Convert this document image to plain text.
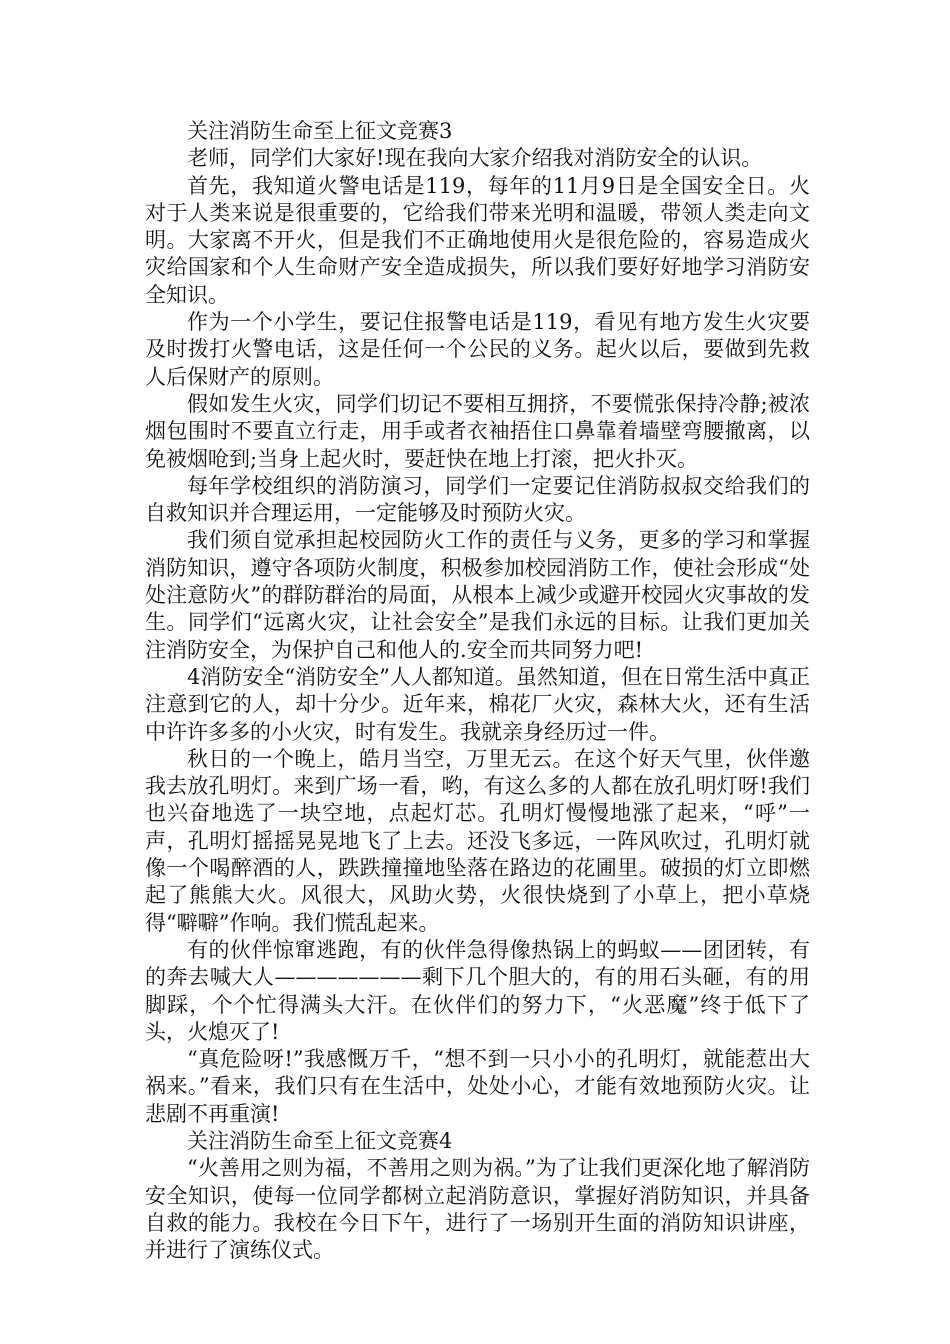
关注消防生命至上征文竞赛3

老师，同学们大家好!现在我向大家介绍我对消防安全的认识。

首先，我知道火警电话是119，每年的11月9日是全国安全日。火对于人类来说是很重要的，它给我们带来光明和温暖，带领人类走向文明。大家离不开火，但是我们不正确地使用火是很危险的，容易造成火灾给国家和个人生命财产安全造成损失，所以我们要好好地学习消防安全知识。

作为一个小学生，要记住报警电话是119，看见有地方发生火灾要及时拨打火警电话，这是任何一个公民的义务。起火以后，要做到先救人后保财产的原则。

假如发生火灾，同学们切记不要相互拥挤，不要慌张保持冷静;被浓烟包围时不要直立行走，用手或者衣袖捂住口鼻靠着墙壁弯腰撤离，以免被烟呛到;当身上起火时，要赶快在地上打滚，把火扑灭。

每年学校组织的消防演习，同学们一定要记住消防叔叔交给我们的自救知识并合理运用，一定能够及时预防火灾。

我们须自觉承担起校园防火工作的责任与义务，更多的学习和掌握消防知识，遵守各项防火制度，积极参加校园消防工作，使社会形成“处处注意防火”的群防群治的局面，从根本上减少或避开校园火灾事故的发生。同学们“远离火灾，让社会安全”是我们永远的目标。让我们更加关注消防安全，为保护自己和他人的.安全而共同努力吧!

4消防安全“消防安全”人人都知道。虽然知道，但在日常生活中真正注意到它的人，却十分少。近年来，棉花厂火灾，森林大火，还有生活中许许多多的小火灾，时有发生。我就亲身经历过一件。

秋日的一个晚上，皓月当空，万里无云。在这个好天气里，伙伴邀我去放孔明灯。来到广场一看，哟，有这么多的人都在放孔明灯呀!我们也兴奋地选了一块空地，点起灯芯。孔明灯慢慢地涨了起来，“呼”一声，孔明灯摇摇晃晃地飞了上去。还没飞多远，一阵风吹过，孔明灯就像一个喝醉酒的人，跌跌撞撞地坠落在路边的花圃里。破损的灯立即燃起了熊熊大火。风很大，风助火势，火很快烧到了小草上，把小草烧得“噼噼”作响。我们慌乱起来。

有的伙伴惊窜逃跑，有的伙伴急得像热锅上的蚂蚁——团团转，有的奔去喊大人———————剩下几个胆大的，有的用石头砸，有的用脚踩，个个忙得满头大汗。在伙伴们的努力下，“火恶魔”终于低下了头，火熄灭了!

“真危险呀!”我感慨万千，“想不到一只小小的孔明灯，就能惹出大祸来。”看来，我们只有在生活中，处处小心，才能有效地预防火灾。让悲剧不再重演!

关注消防生命至上征文竞赛4

“火善用之则为福，不善用之则为祸。”为了让我们更深化地了解消防安全知识，使每一位同学都树立起消防意识，掌握好消防知识，并具备自救的能力。我校在今日下午，进行了一场别开生面的消防知识讲座，并进行了演练仪式。
